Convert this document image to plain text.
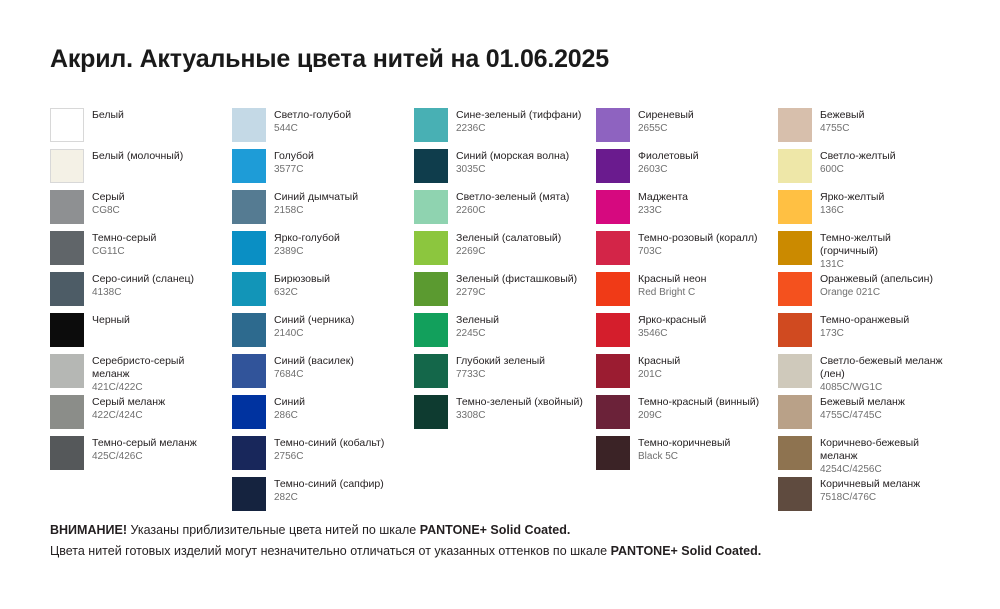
Акрил. Актуальные цвета нитей на 01.06.2025
Белый
Белый (молочный)
Серый
CG8C
Темно-серый
CG11C
Серо-синий (сланец)
4138C
Черный
Серебристо-серый меланж
421C/422C
Серый меланж
422C/424C
Темно-серый меланж
425C/426C
Светло-голубой
544C
Голубой
3577C
Синий дымчатый
2158C
Ярко-голубой
2389C
Бирюзовый
632C
Синий (черника)
2140C
Синий (василек)
7684C
Синий
286C
Темно-синий (кобальт)
2756C
Темно-синий (сапфир)
282C
Сине-зеленый (тиффани)
2236C
Синий (морская волна)
3035C
Светло-зеленый (мята)
2260C
Зеленый (салатовый)
2269C
Зеленый (фисташковый)
2279C
Зеленый
2245C
Глубокий зеленый
7733C
Темно-зеленый (хвойный)
3308C
Сиреневый
2655C
Фиолетовый
2603C
Маджента
233C
Темно-розовый (коралл)
703C
Красный неон
Red Bright C
Ярко-красный
3546C
Красный
201C
Темно-красный (винный)
209C
Темно-коричневый
Black 5C
Бежевый
4755C
Светло-желтый
600C
Ярко-желтый
136C
Темно-желтый (горчичный)
131C
Оранжевый (апельсин)
Orange 021C
Темно-оранжевый
173C
Светло-бежевый меланж (лен)
4085C/WG1C
Бежевый меланж
4755C/4745C
Коричнево-бежевый меланж
4254C/4256C
Коричневый меланж
7518C/476C
ВНИМАНИЕ! Указаны приблизительные цвета нитей по шкале PANTONE+ Solid Coated.
Цвета нитей готовых изделий могут незначительно отличаться от указанных оттенков по шкале PANTONE+ Solid Coated.
